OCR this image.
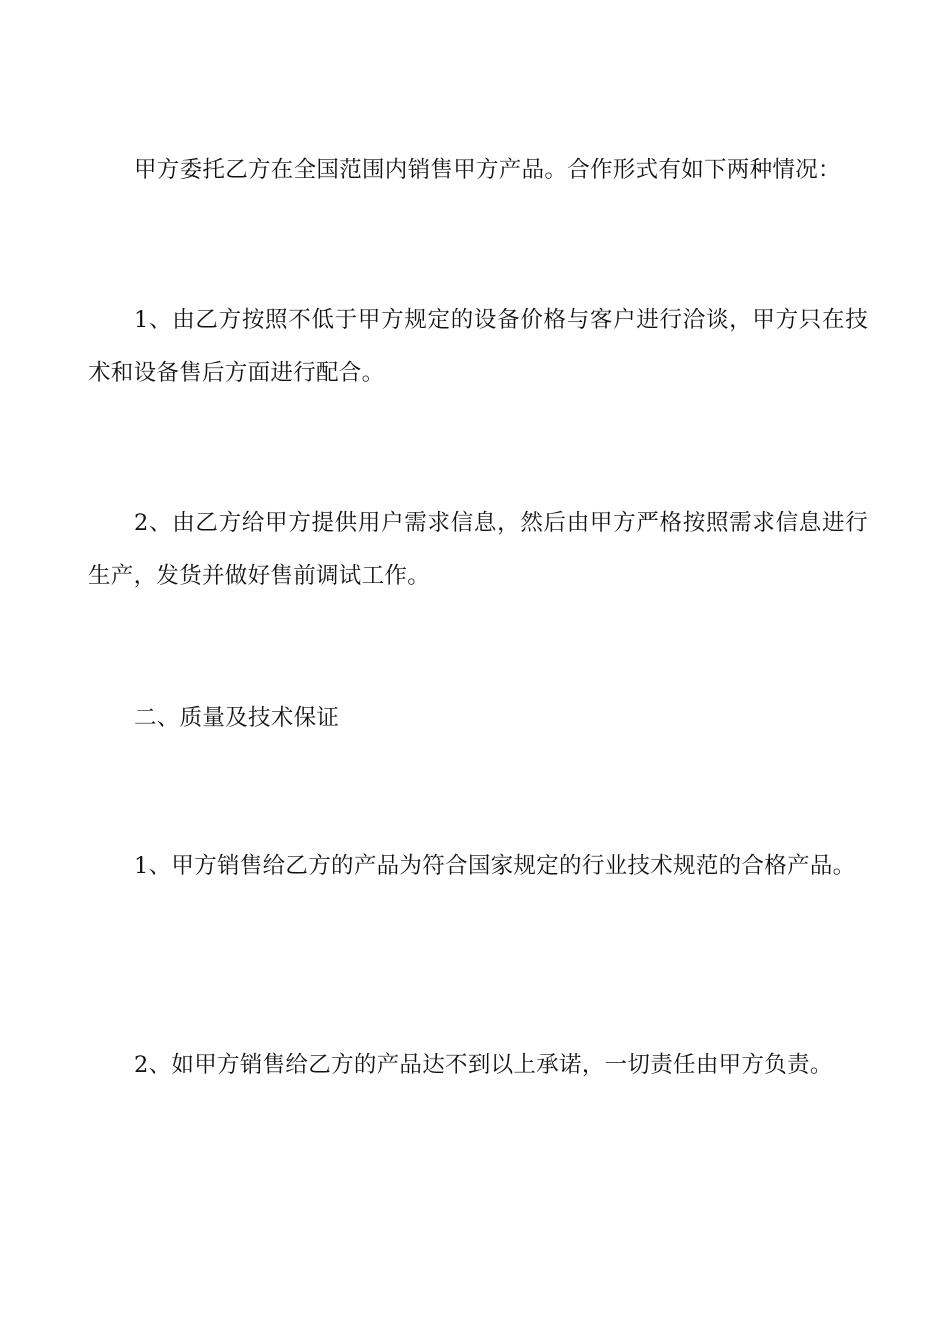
甲方委托乙方在全国范围内销售甲方产品。合作形式有如下两种情况：

1、由乙方按照不低于甲方规定的设备价格与客户进行洽谈，甲方只在技术和设备售后方面进行配合。

2、由乙方给甲方提供用户需求信息，然后由甲方严格按照需求信息进行生产，发货并做好售前调试工作。

二、质量及技术保证

1、甲方销售给乙方的产品为符合国家规定的行业技术规范的合格产品。

2、如甲方销售给乙方的产品达不到以上承诺，一切责任由甲方负责。
